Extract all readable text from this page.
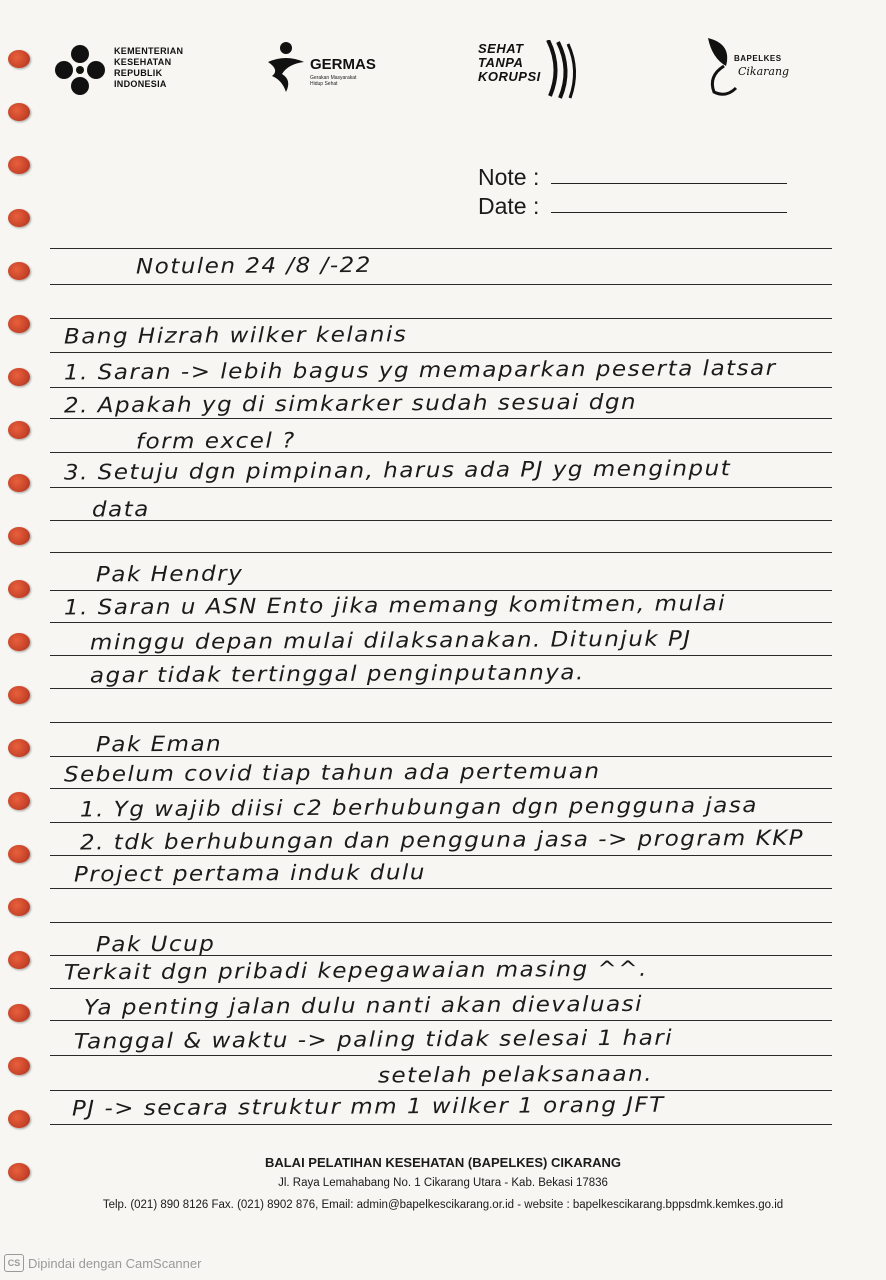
KEMENTERIAN
KESEHATAN
REPUBLIK
INDONESIA
GERMAS
Gerakan Masyarakat Hidup Sehat
SEHAT
TANPA
KORUPSI
BAPELKES
Cikarang
Note :
Date :
Notulen 24 /8 /-22
Bang Hizrah wilker kelanis
1. Saran -> lebih bagus yg memaparkan peserta latsar
2. Apakah yg di simkarker sudah sesuai dgn
form excel ?
3. Setuju dgn pimpinan, harus ada PJ yg menginput
data
Pak Hendry
1. Saran u ASN Ento jika memang komitmen, mulai
minggu depan mulai dilaksanakan. Ditunjuk PJ
agar tidak tertinggal penginputannya.
Pak Eman
Sebelum covid tiap tahun ada pertemuan
1. Yg wajib diisi c2 berhubungan dgn pengguna jasa
2. tdk berhubungan dan pengguna jasa -> program KKP
Project pertama induk dulu
Pak Ucup
Terkait dgn pribadi kepegawaian masing ^^.
Ya penting jalan dulu nanti akan dievaluasi
Tanggal & waktu -> paling tidak selesai 1 hari
setelah pelaksanaan.
PJ -> secara struktur mm 1 wilker 1 orang JFT
BALAI PELATIHAN KESEHATAN (BAPELKES) CIKARANG
Jl. Raya Lemahabang No. 1 Cikarang Utara - Kab. Bekasi 17836
Telp. (021) 890 8126 Fax. (021) 8902 876, Email: admin@bapelkescikarang.or.id - website : bapelkescikarang.bppsdmk.kemkes.go.id
CS Dipindai dengan CamScanner
